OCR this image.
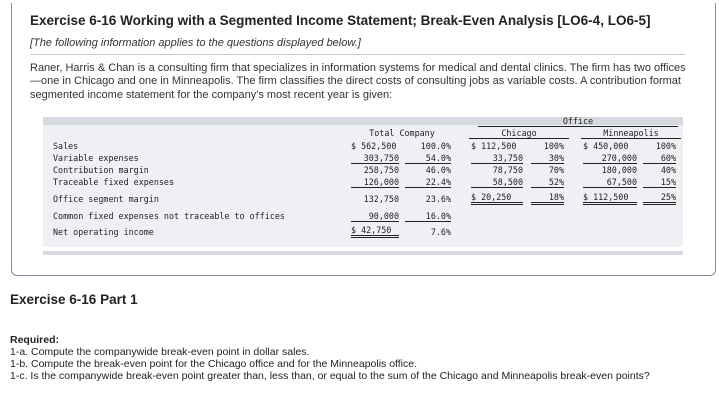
Exercise 6-16 Working with a Segmented Income Statement; Break-Even Analysis [LO6-4, LO6-5]
[The following information applies to the questions displayed below.]
Raner, Harris & Chan is a consulting firm that specializes in information systems for medical and dental clinics. The firm has two offices—one in Chicago and one in Minneapolis. The firm classifies the direct costs of consulting jobs as variable costs. A contribution format segmented income statement for the company's most recent year is given:
Office
Total Company	Chicago	Minneapolis
Sales	$ 562,500	100.0% $ 112,500	100% $ 450,000	100%
Variable expenses	303,750	54.0%	33,750	30%	270,000	60%
Contribution margin	258,750	46.0%	78,750	70%	180,000	40%
Traceable fixed expenses	126,000	22.4%	58,500	52%	67,500	15%
Office segment margin	132,750	23.6% $ 20,250	18% $ 112,500	25%
Common fixed expenses not traceable to offices	90,000	16.0%
Net operating income	$ 42,750	7.6%
Exercise 6-16 Part 1
Required:
1-a. Compute the companywide break-even point in dollar sales.
1-b. Compute the break-even point for the Chicago office and for the Minneapolis office.
1-c. Is the companywide break-even point greater than, less than, or equal to the sum of the Chicago and Minneapolis break-even points?
